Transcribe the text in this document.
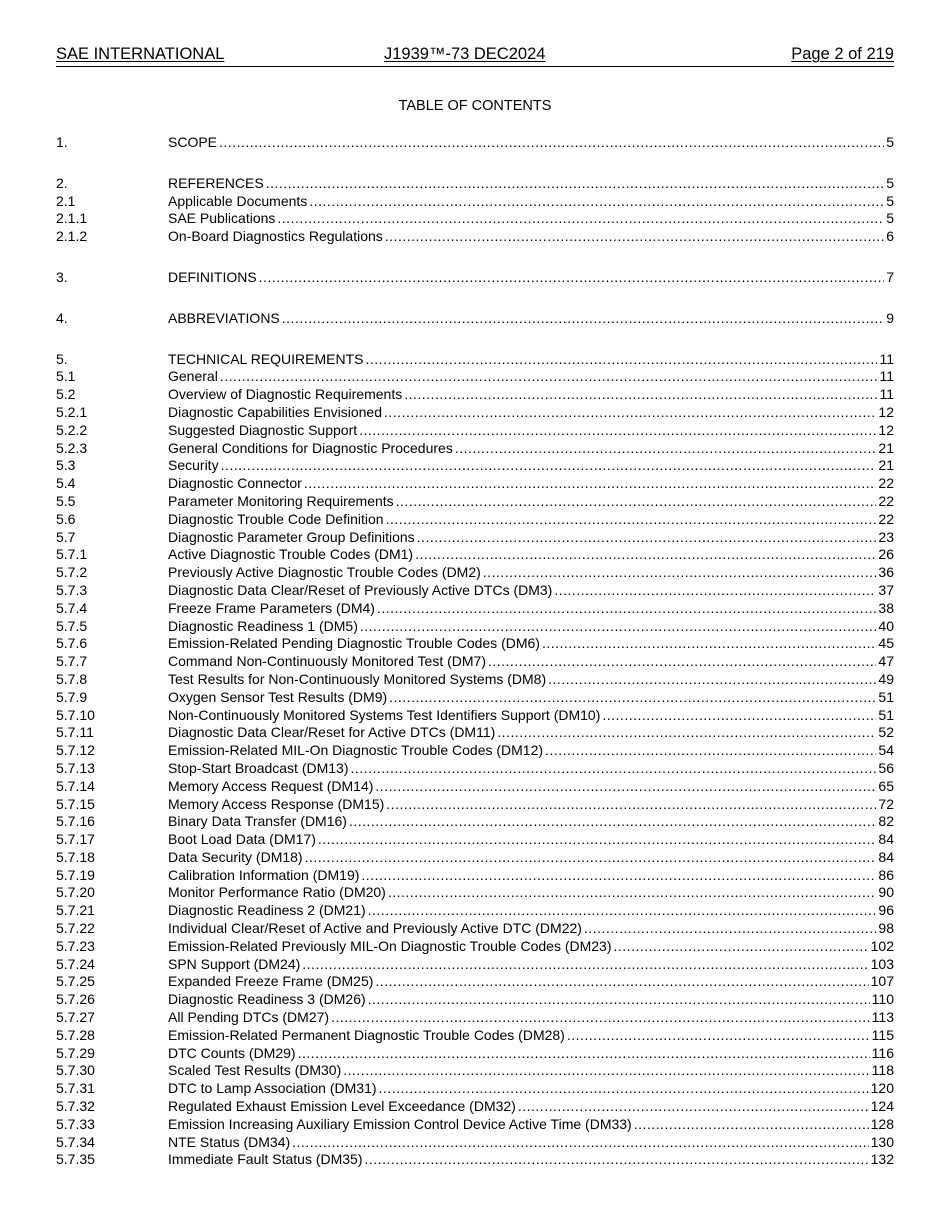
SAE INTERNATIONAL	J1939™-73 DEC2024	Page 2 of 219
TABLE OF CONTENTS
1.	SCOPE .....	5
2.	REFERENCES .....	5
2.1	Applicable Documents .....	5
2.1.1	SAE Publications .....	5
2.1.2	On-Board Diagnostics Regulations .....	6
3.	DEFINITIONS .....	7
4.	ABBREVIATIONS .....	9
5.	TECHNICAL REQUIREMENTS .....	11
5.1	General .....	11
5.2	Overview of Diagnostic Requirements .....	11
5.2.1	Diagnostic Capabilities Envisioned .....	12
5.2.2	Suggested Diagnostic Support .....	12
5.2.3	General Conditions for Diagnostic Procedures .....	21
5.3	Security .....	21
5.4	Diagnostic Connector .....	22
5.5	Parameter Monitoring Requirements .....	22
5.6	Diagnostic Trouble Code Definition .....	22
5.7	Diagnostic Parameter Group Definitions .....	23
5.7.1	Active Diagnostic Trouble Codes (DM1) .....	26
5.7.2	Previously Active Diagnostic Trouble Codes (DM2) .....	36
5.7.3	Diagnostic Data Clear/Reset of Previously Active DTCs (DM3) .....	37
5.7.4	Freeze Frame Parameters (DM4) .....	38
5.7.5	Diagnostic Readiness 1 (DM5) .....	40
5.7.6	Emission-Related Pending Diagnostic Trouble Codes (DM6) .....	45
5.7.7	Command Non-Continuously Monitored Test (DM7) .....	47
5.7.8	Test Results for Non-Continuously Monitored Systems (DM8) .....	49
5.7.9	Oxygen Sensor Test Results (DM9) .....	51
5.7.10	Non-Continuously Monitored Systems Test Identifiers Support (DM10) .....	51
5.7.11	Diagnostic Data Clear/Reset for Active DTCs (DM11) .....	52
5.7.12	Emission-Related MIL-On Diagnostic Trouble Codes (DM12) .....	54
5.7.13	Stop-Start Broadcast (DM13) .....	56
5.7.14	Memory Access Request (DM14) .....	65
5.7.15	Memory Access Response (DM15) .....	72
5.7.16	Binary Data Transfer (DM16) .....	82
5.7.17	Boot Load Data (DM17) .....	84
5.7.18	Data Security (DM18) .....	84
5.7.19	Calibration Information (DM19) .....	86
5.7.20	Monitor Performance Ratio (DM20) .....	90
5.7.21	Diagnostic Readiness 2 (DM21) .....	96
5.7.22	Individual Clear/Reset of Active and Previously Active DTC (DM22) .....	98
5.7.23	Emission-Related Previously MIL-On Diagnostic Trouble Codes (DM23) .....	102
5.7.24	SPN Support (DM24) .....	103
5.7.25	Expanded Freeze Frame (DM25) .....	107
5.7.26	Diagnostic Readiness 3 (DM26) .....	110
5.7.27	All Pending DTCs (DM27) .....	113
5.7.28	Emission-Related Permanent Diagnostic Trouble Codes (DM28) .....	115
5.7.29	DTC Counts (DM29) .....	116
5.7.30	Scaled Test Results (DM30) .....	118
5.7.31	DTC to Lamp Association (DM31) .....	120
5.7.32	Regulated Exhaust Emission Level Exceedance (DM32) .....	124
5.7.33	Emission Increasing Auxiliary Emission Control Device Active Time (DM33) .....	128
5.7.34	NTE Status (DM34) .....	130
5.7.35	Immediate Fault Status (DM35) .....	132
